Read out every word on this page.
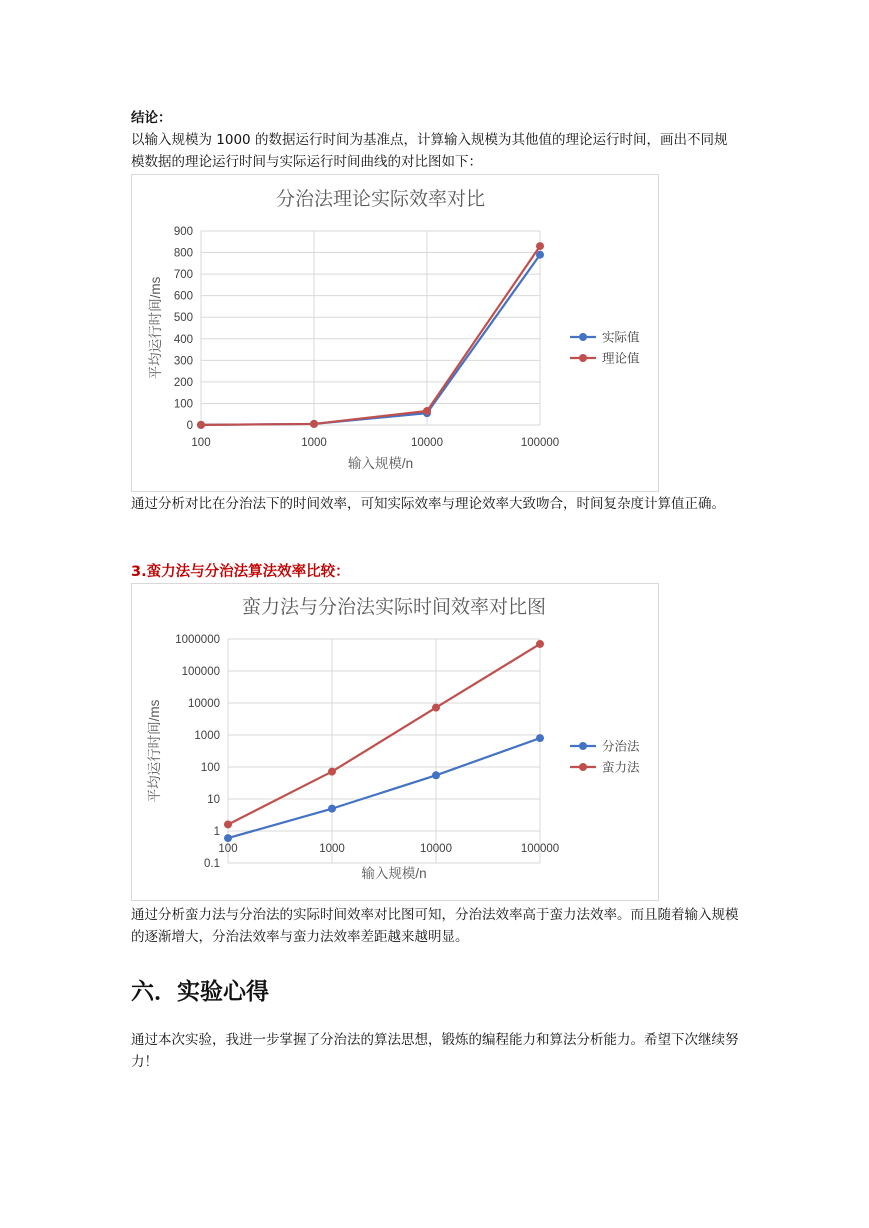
结论：

以输入规模为 1000 的数据运行时间为基准点，计算输入规模为其他值的理论运行时间，画出不同规模数据的理论运行时间与实际运行时间曲线的对比图如下：

分治法理论实际效率对比
0
100
200
300
400
500
600
700
800
900
100	1000	10000	100000
输入规模/n
平均运行时间/ms	实际值
理论值

通过分析对比在分治法下的时间效率，可知实际效率与理论效率大致吻合，时间复杂度计算值正确。

3.蛮力法与分治法算法效率比较：

蛮力法与分治法实际时间效率对比图
0.1
1
10
100
1000
10000
100000
1000000
100	1000	10000	100000
输入规模/n
平均运行时间/ms	分治法
蛮力法

通过分析蛮力法与分治法的实际时间效率对比图可知，分治法效率高于蛮力法效率。而且随着输入规模的逐渐增大，分治法效率与蛮力法效率差距越来越明显。

六．实验心得

通过本次实验，我进一步掌握了分治法的算法思想，锻炼的编程能力和算法分析能力。希望下次继续努力！
